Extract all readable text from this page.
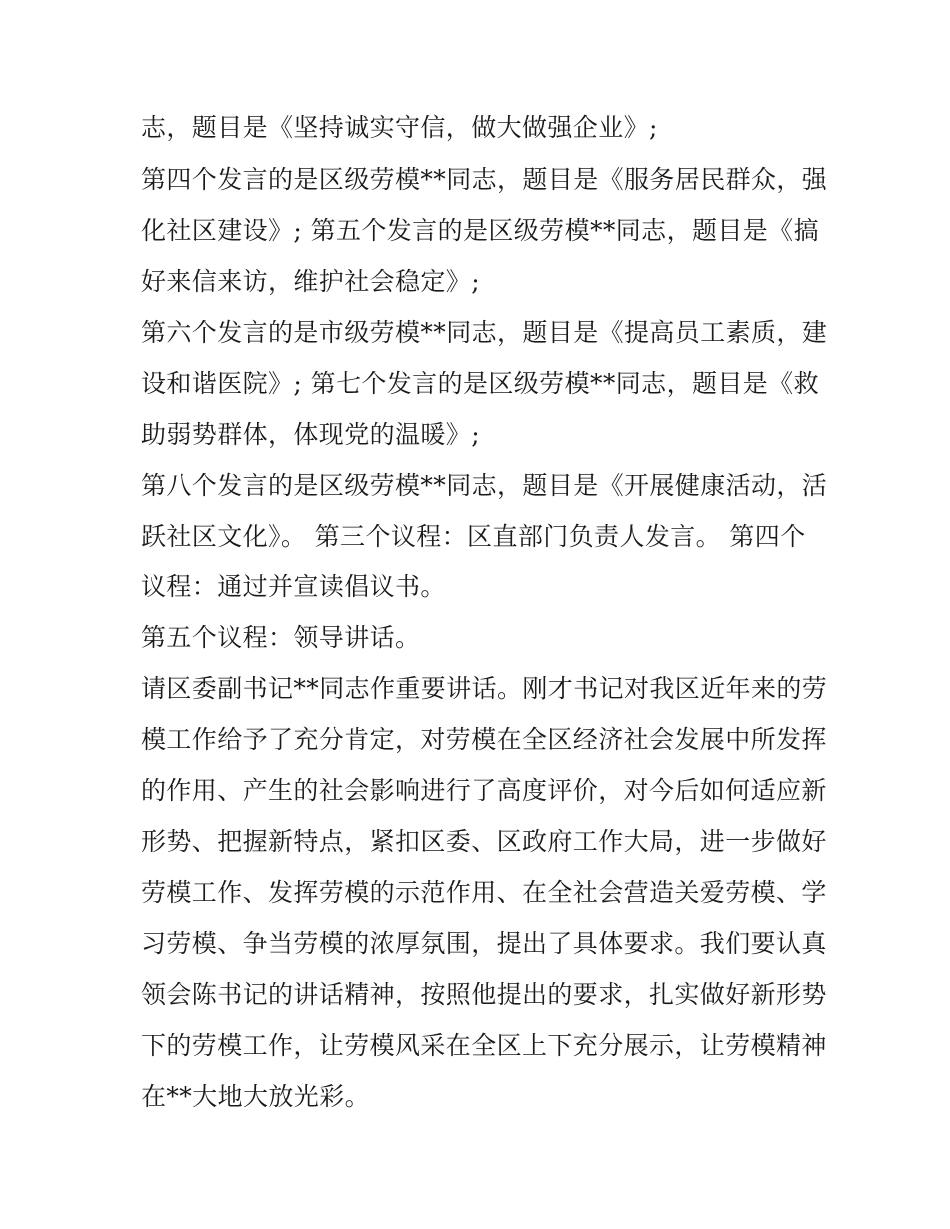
志，题目是《坚持诚实守信，做大做强企业》;
第四个发言的是区级劳模**同志，题目是《服务居民群众，强
化社区建设》; 第五个发言的是区级劳模**同志，题目是《搞
好来信来访，维护社会稳定》;
第六个发言的是市级劳模**同志，题目是《提高员工素质，建
设和谐医院》; 第七个发言的是区级劳模**同志，题目是《救
助弱势群体，体现党的温暖》;
第八个发言的是区级劳模**同志，题目是《开展健康活动，活
跃社区文化》。 第三个议程：区直部门负责人发言。 第四个
议程：通过并宣读倡议书。
第五个议程：领导讲话。
请区委副书记**同志作重要讲话。刚才书记对我区近年来的劳
模工作给予了充分肯定，对劳模在全区经济社会发展中所发挥
的作用、产生的社会影响进行了高度评价，对今后如何适应新
形势、把握新特点，紧扣区委、区政府工作大局，进一步做好
劳模工作、发挥劳模的示范作用、在全社会营造关爱劳模、学
习劳模、争当劳模的浓厚氛围，提出了具体要求。我们要认真
领会陈书记的讲话精神，按照他提出的要求，扎实做好新形势
下的劳模工作，让劳模风采在全区上下充分展示，让劳模精神
在**大地大放光彩。
